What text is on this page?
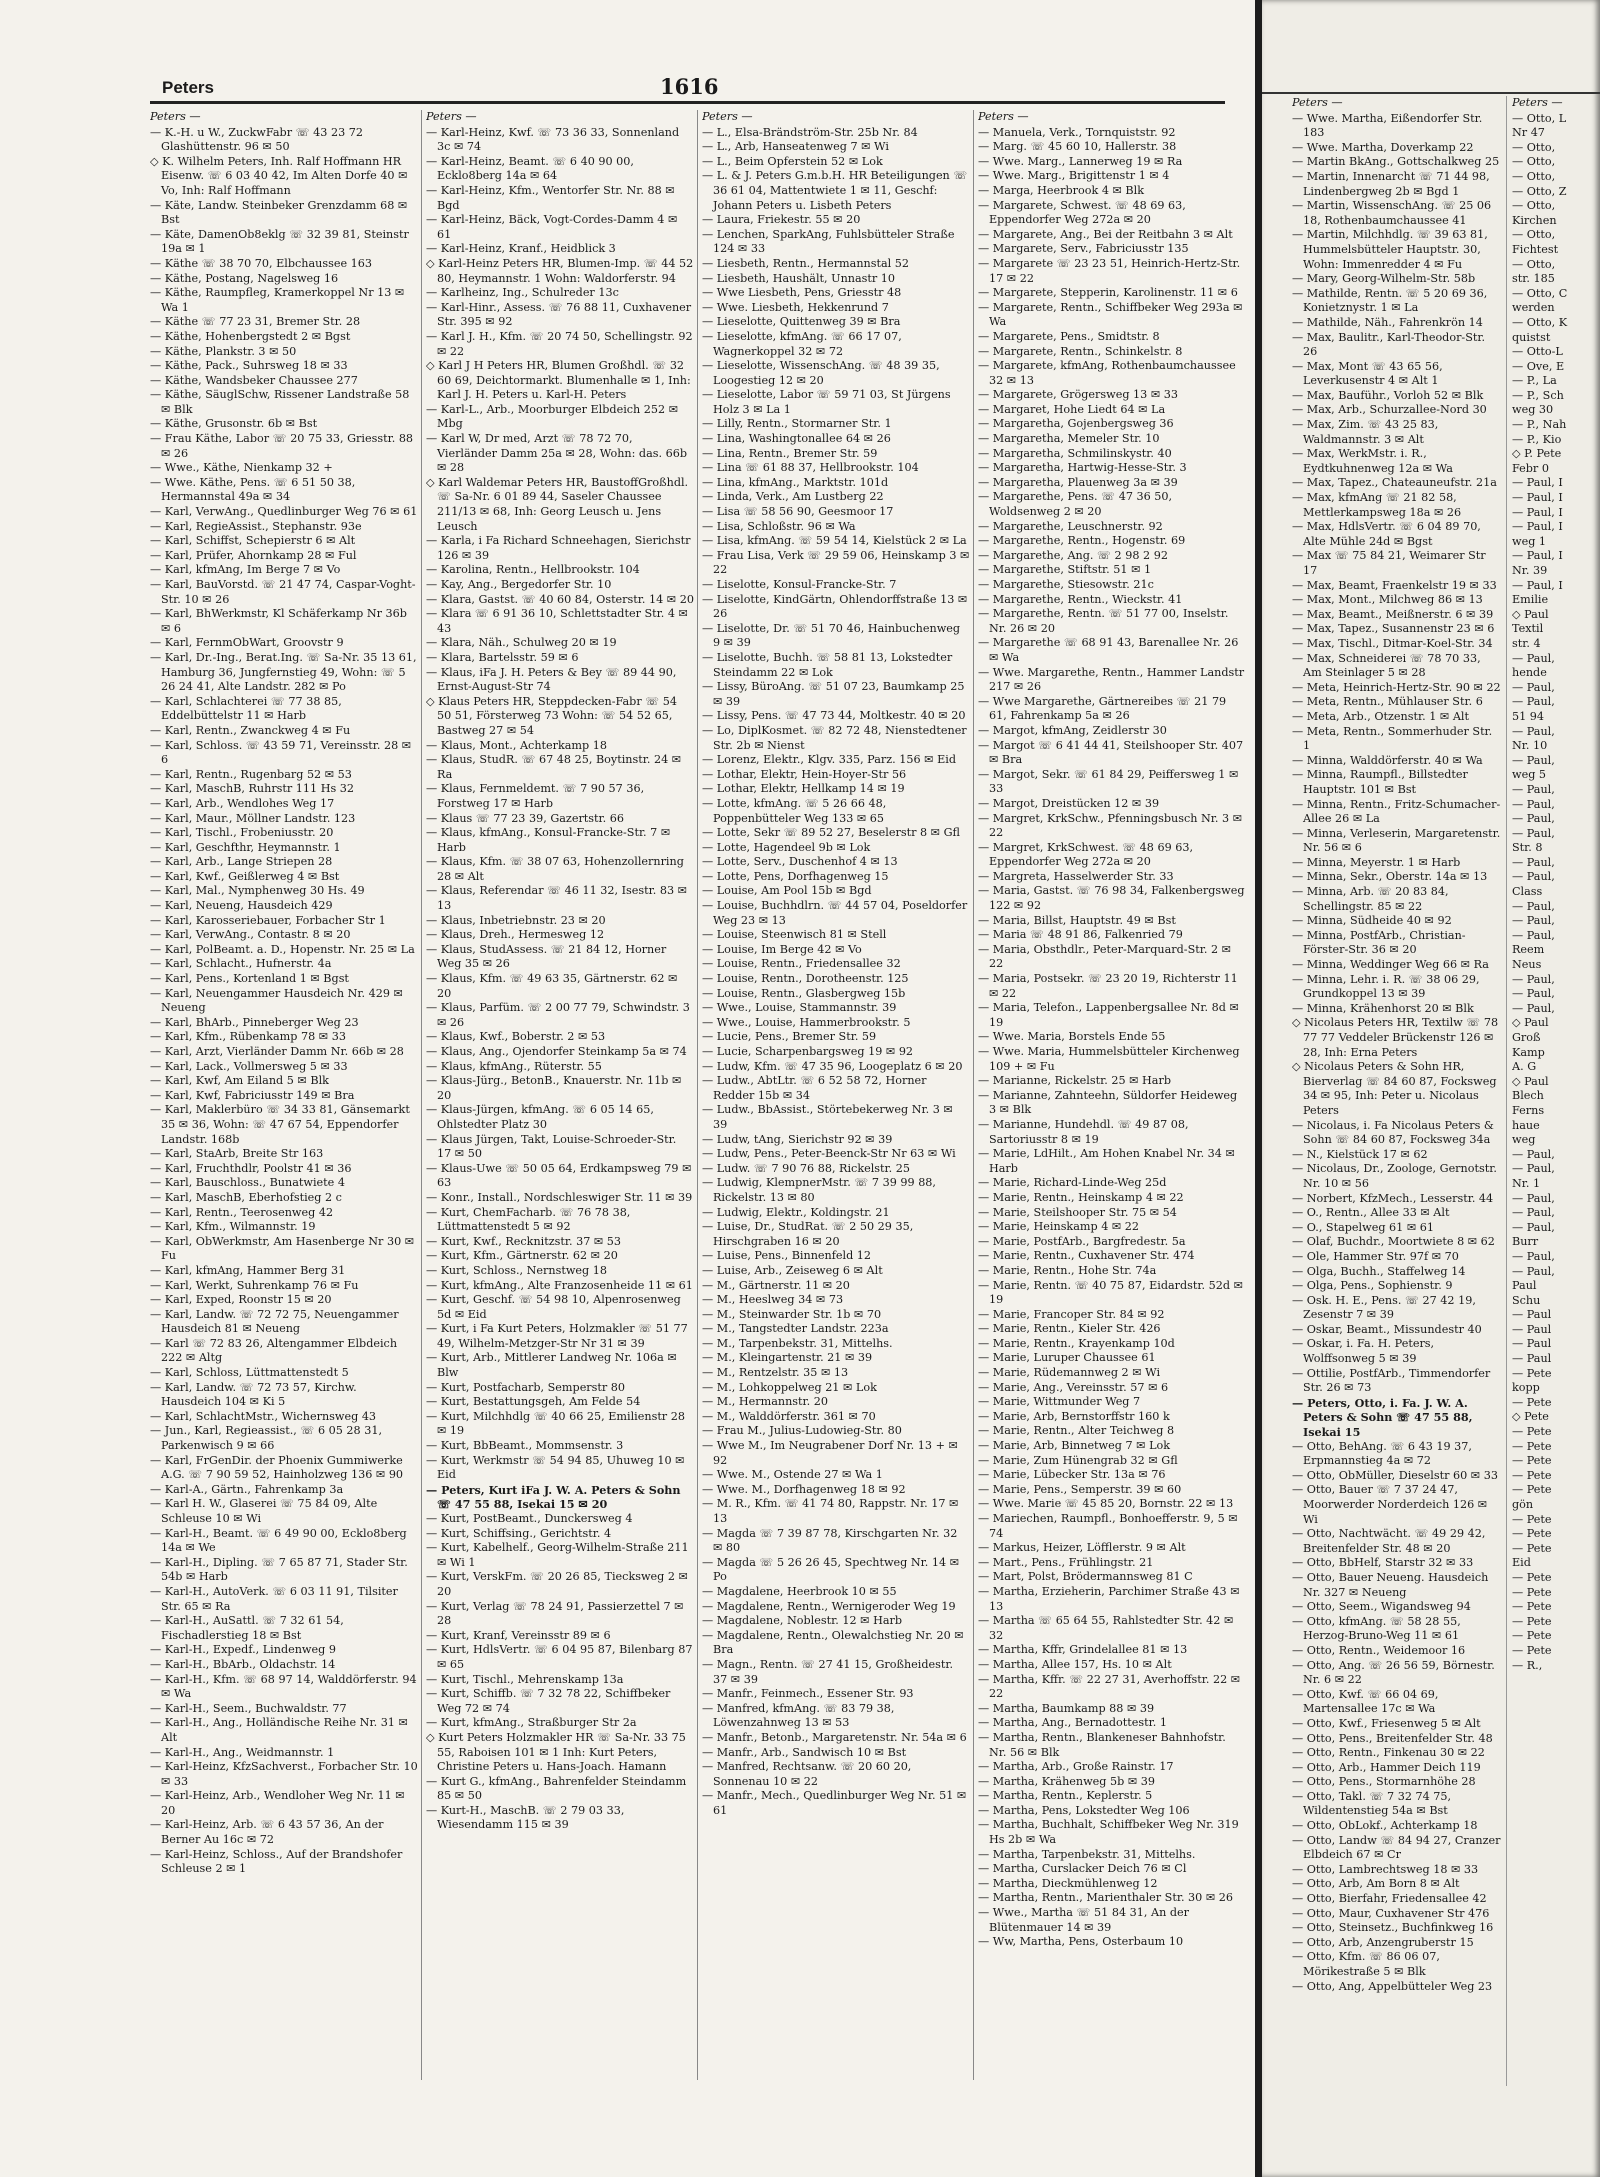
Peters	1616
Peters —
— K.-H. u W., ZuckwFabr ☏ 43 23 72 Glashüttenstr. 96 ✉ 50
◇ K. Wilhelm Peters, Inh. Ralf Hoffmann HR Eisenw. ☏ 6 03 40 42, Im Alten Dorfe 40 ✉ Vo, Inh: Ralf Hoffmann
— Käte, Landw. Steinbeker Grenzdamm 68 ✉ Bst
— Käte, DamenOb8eklg ☏ 32 39 81, Steinstr 19a ✉ 1
— Käthe ☏ 38 70 70, Elbchaussee 163
— Käthe, Postang, Nagelsweg 16
— Käthe, Raumpfleg, Kramerkoppel Nr 13 ✉ Wa 1
— Käthe ☏ 77 23 31, Bremer Str. 28
— Käthe, Hohenbergstedt 2 ✉ Bgst
— Käthe, Plankstr. 3 ✉ 50
— Käthe, Pack., Suhrsweg 18 ✉ 33
— Käthe, Wandsbeker Chaussee 277
— Käthe, SäuglSchw, Rissener Landstraße 58 ✉ Blk
— Käthe, Grusonstr. 6b ✉ Bst
— Frau Käthe, Labor ☏ 20 75 33, Griesstr. 88 ✉ 26
— Wwe., Käthe, Nienkamp 32 +
— Wwe. Käthe, Pens. ☏ 6 51 50 38, Hermannstal 49a ✉ 34
— Karl, VerwAng., Quedlinburger Weg 76 ✉ 61
— Karl, RegieAssist., Stephanstr. 93e
— Karl, Schiffst, Schepierstr 6 ✉ Alt
— Karl, Prüfer, Ahornkamp 28 ✉ Ful
— Karl, kfmAng, Im Berge 7 ✉ Vo
— Karl, BauVorstd. ☏ 21 47 74, Caspar-Voght-Str. 10 ✉ 26
— Karl, BhWerkmstr, Kl Schäferkamp Nr 36b ✉ 6
— Karl, FernmObWart, Groovstr 9
— Karl, Dr.-Ing., Berat.Ing. ☏ Sa-Nr. 35 13 61, Hamburg 36, Jungfernstieg 49, Wohn: ☏ 5 26 24 41, Alte Landstr. 282 ✉ Po
— Karl, Schlachterei ☏ 77 38 85, Eddelbüttelstr 11 ✉ Harb
— Karl, Rentn., Zwanckweg 4 ✉ Fu
— Karl, Schloss. ☏ 43 59 71, Vereinsstr. 28 ✉ 6
— Karl, Rentn., Rugenbarg 52 ✉ 53
— Karl, MaschB, Ruhrstr 111 Hs 32
— Karl, Arb., Wendlohes Weg 17
— Karl, Maur., Möllner Landstr. 123
— Karl, Tischl., Frobeniusstr. 20
— Karl, Geschfthr, Heymannstr. 1
— Karl, Arb., Lange Striepen 28
— Karl, Kwf., Geißlerweg 4 ✉ Bst
— Karl, Mal., Nymphenweg 30 Hs. 49
— Karl, Neueng, Hausdeich 429
— Karl, Karosseriebauer, Forbacher Str 1
— Karl, VerwAng., Contastr. 8 ✉ 20
— Karl, PolBeamt. a. D., Hopenstr. Nr. 25 ✉ La
— Karl, Schlacht., Hufnerstr. 4a
— Karl, Pens., Kortenland 1 ✉ Bgst
— Karl, Neuengammer Hausdeich Nr. 429 ✉ Neueng
— Karl, BhArb., Pinneberger Weg 23
— Karl, Kfm., Rübenkamp 78 ✉ 33
— Karl, Arzt, Vierländer Damm Nr. 66b ✉ 28
— Karl, Lack., Vollmersweg 5 ✉ 33
— Karl, Kwf, Am Eiland 5 ✉ Blk
— Karl, Kwf, Fabriciusstr 149 ✉ Bra
— Karl, Maklerbüro ☏ 34 33 81, Gänsemarkt 35 ✉ 36, Wohn: ☏ 47 67 54, Eppendorfer Landstr. 168b
— Karl, StaArb, Breite Str 163
— Karl, Fruchthdlr, Poolstr 41 ✉ 36
— Karl, Bauschloss., Bunatwiete 4
— Karl, MaschB, Eberhofstieg 2 c
— Karl, Rentn., Teerosenweg 42
— Karl, Kfm., Wilmannstr. 19
— Karl, ObWerkmstr, Am Hasenberge Nr 30 ✉ Fu
— Karl, kfmAng, Hammer Berg 31
— Karl, Werkt, Suhrenkamp 76 ✉ Fu
— Karl, Exped, Roonstr 15 ✉ 20
— Karl, Landw. ☏ 72 72 75, Neuengammer Hausdeich 81 ✉ Neueng
— Karl ☏ 72 83 26, Altengammer Elbdeich 222 ✉ Altg
— Karl, Schloss, Lüttmattenstedt 5
— Karl, Landw. ☏ 72 73 57, Kirchw. Hausdeich 104 ✉ Ki 5
— Karl, SchlachtMstr., Wichernsweg 43
— Jun., Karl, Regieassist., ☏ 6 05 28 31, Parkenwisch 9 ✉ 66
— Karl, FrGenDir. der Phoenix Gummiwerke A.G. ☏ 7 90 59 52, Hainholzweg 136 ✉ 90
— Karl-A., Gärtn., Fahrenkamp 3a
— Karl H. W., Glaserei ☏ 75 84 09, Alte Schleuse 10 ✉ Wi
— Karl-H., Beamt. ☏ 6 49 90 00, Ecklo8berg 14a ✉ We
— Karl-H., Dipling. ☏ 7 65 87 71, Stader Str. 54b ✉ Harb
— Karl-H., AutoVerk. ☏ 6 03 11 91, Tilsiter Str. 65 ✉ Ra
— Karl-H., AuSattl. ☏ 7 32 61 54, Fischadlerstieg 18 ✉ Bst
— Karl-H., Expedf., Lindenweg 9
— Karl-H., BbArb., Oldachstr. 14
— Karl-H., Kfm. ☏ 68 97 14, Walddörferstr. 94 ✉ Wa
— Karl-H., Seem., Buchwaldstr. 77
— Karl-H., Ang., Holländische Reihe Nr. 31 ✉ Alt
— Karl-H., Ang., Weidmannstr. 1
— Karl-Heinz, KfzSachverst., Forbacher Str. 10 ✉ 33
— Karl-Heinz, Arb., Wendloher Weg Nr. 11 ✉ 20
— Karl-Heinz, Arb. ☏ 6 43 57 36, An der Berner Au 16c ✉ 72
— Karl-Heinz, Schloss., Auf der Brandshofer Schleuse 2 ✉ 1
Peters —
— Karl-Heinz, Kwf. ☏ 73 36 33, Sonnenland 3c ✉ 74
— Karl-Heinz, Beamt. ☏ 6 40 90 00, Ecklo8berg 14a ✉ 64
— Karl-Heinz, Kfm., Wentorfer Str. Nr. 88 ✉ Bgd
— Karl-Heinz, Bäck, Vogt-Cordes-Damm 4 ✉ 61
— Karl-Heinz, Kranf., Heidblick 3
◇ Karl-Heinz Peters HR, Blumen-Imp. ☏ 44 52 80, Heymannstr. 1 Wohn: Waldorferstr. 94
— Karlheinz, Ing., Schulreder 13c
— Karl-Hinr., Assess. ☏ 76 88 11, Cuxhavener Str. 395 ✉ 92
— Karl J. H., Kfm. ☏ 20 74 50, Schellingstr. 92 ✉ 22
◇ Karl J H Peters HR, Blumen Großhdl. ☏ 32 60 69, Deichtormarkt. Blumenhalle ✉ 1, Inh: Karl J. H. Peters u. Karl-H. Peters
— Karl-L., Arb., Moorburger Elbdeich 252 ✉ Mbg
— Karl W, Dr med, Arzt ☏ 78 72 70, Vierländer Damm 25a ✉ 28, Wohn: das. 66b ✉ 28
◇ Karl Waldemar Peters HR, BaustoffGroßhdl. ☏ Sa-Nr. 6 01 89 44, Saseler Chaussee 211/13 ✉ 68, Inh: Georg Leusch u. Jens Leusch
— Karla, i Fa Richard Schneehagen, Sierichstr 126 ✉ 39
— Karolina, Rentn., Hellbrookstr. 104
— Kay, Ang., Bergedorfer Str. 10
— Klara, Gastst. ☏ 40 60 84, Osterstr. 14 ✉ 20
— Klara ☏ 6 91 36 10, Schlettstadter Str. 4 ✉ 43
— Klara, Näh., Schulweg 20 ✉ 19
— Klara, Bartelsstr. 59 ✉ 6
— Klaus, iFa J. H. Peters & Bey ☏ 89 44 90, Ernst-August-Str 74
◇ Klaus Peters HR, Steppdecken-Fabr ☏ 54 50 51, Försterweg 73 Wohn: ☏ 54 52 65, Bastweg 27 ✉ 54
— Klaus, Mont., Achterkamp 18
— Klaus, StudR. ☏ 67 48 25, Boytinstr. 24 ✉ Ra
— Klaus, Fernmeldemt. ☏ 7 90 57 36, Forstweg 17 ✉ Harb
— Klaus ☏ 77 23 39, Gazertstr. 66
— Klaus, kfmAng., Konsul-Francke-Str. 7 ✉ Harb
— Klaus, Kfm. ☏ 38 07 63, Hohenzollernring 28 ✉ Alt
— Klaus, Referendar ☏ 46 11 32, Isestr. 83 ✉ 13
— Klaus, Inbetriebnstr. 23 ✉ 20
— Klaus, Dreh., Hermesweg 12
— Klaus, StudAssess. ☏ 21 84 12, Horner Weg 35 ✉ 26
— Klaus, Kfm. ☏ 49 63 35, Gärtnerstr. 62 ✉ 20
— Klaus, Parfüm. ☏ 2 00 77 79, Schwindstr. 3 ✉ 26
— Klaus, Kwf., Boberstr. 2 ✉ 53
— Klaus, Ang., Ojendorfer Steinkamp 5a ✉ 74
— Klaus, kfmAng., Rüterstr. 55
— Klaus-Jürg., BetonB., Knauerstr. Nr. 11b ✉ 20
— Klaus-Jürgen, kfmAng. ☏ 6 05 14 65, Ohlstedter Platz 30
— Klaus Jürgen, Takt, Louise-Schroeder-Str. 17 ✉ 50
— Klaus-Uwe ☏ 50 05 64, Erdkampsweg 79 ✉ 63
— Konr., Install., Nordschleswiger Str. 11 ✉ 39
— Kurt, ChemFacharb. ☏ 76 78 38, Lüttmattenstedt 5 ✉ 92
— Kurt, Kwf., Recknitzstr. 37 ✉ 53
— Kurt, Kfm., Gärtnerstr. 62 ✉ 20
— Kurt, Schloss., Nernstweg 18
— Kurt, kfmAng., Alte Franzosenheide 11 ✉ 61
— Kurt, Geschf. ☏ 54 98 10, Alpenrosenweg 5d ✉ Eid
— Kurt, i Fa Kurt Peters, Holzmakler ☏ 51 77 49, Wilhelm-Metzger-Str Nr 31 ✉ 39
— Kurt, Arb., Mittlerer Landweg Nr. 106a ✉ Blw
— Kurt, Postfacharb, Semperstr 80
— Kurt, Bestattungsgeh, Am Felde 54
— Kurt, Milchhdlg ☏ 40 66 25, Emilienstr 28 ✉ 19
— Kurt, BbBeamt., Mommsenstr. 3
— Kurt, Werkmstr ☏ 54 94 85, Uhuweg 10 ✉ Eid
— Peters, Kurt iFa J. W. A. Peters & Sohn ☏ 47 55 88, Isekai 15 ✉ 20
— Kurt, PostBeamt., Dunckersweg 4
— Kurt, Schiffsing., Gerichtstr. 4
— Kurt, Kabelhelf., Georg-Wilhelm-Straße 211 ✉ Wi 1
— Kurt, VerskFm. ☏ 20 26 85, Tiecksweg 2 ✉ 20
— Kurt, Verlag ☏ 78 24 91, Passierzettel 7 ✉ 28
— Kurt, Kranf, Vereinsstr 89 ✉ 6
— Kurt, HdlsVertr. ☏ 6 04 95 87, Bilenbarg 87 ✉ 65
— Kurt, Tischl., Mehrenskamp 13a
— Kurt, Schiffb. ☏ 7 32 78 22, Schiffbeker Weg 72 ✉ 74
— Kurt, kfmAng., Straßburger Str 2a
◇ Kurt Peters Holzmakler HR ☏ Sa-Nr. 33 75 55, Raboisen 101 ✉ 1 Inh: Kurt Peters, Christine Peters u. Hans-Joach. Hamann
— Kurt G., kfmAng., Bahrenfelder Steindamm 85 ✉ 50
— Kurt-H., MaschB. ☏ 2 79 03 33, Wiesendamm 115 ✉ 39
Peters —
— L., Elsa-Brändström-Str. 25b Nr. 84
— L., Arb, Hanseatenweg 7 ✉ Wi
— L., Beim Opferstein 52 ✉ Lok
— L. & J. Peters G.m.b.H. HR Beteiligungen ☏ 36 61 04, Mattentwiete 1 ✉ 11, Geschf: Johann Peters u. Lisbeth Peters
— Laura, Friekestr. 55 ✉ 20
— Lenchen, SparkAng, Fuhlsbütteler Straße 124 ✉ 33
— Liesbeth, Rentn., Hermannstal 52
— Liesbeth, Haushält, Unnastr 10
— Wwe Liesbeth, Pens, Griesstr 48
— Wwe. Liesbeth, Hekkenrund 7
— Lieselotte, Quittenweg 39 ✉ Bra
— Lieselotte, kfmAng. ☏ 66 17 07, Wagnerkoppel 32 ✉ 72
— Lieselotte, WissenschAng. ☏ 48 39 35, Loogestieg 12 ✉ 20
— Lieselotte, Labor ☏ 59 71 03, St Jürgens Holz 3 ✉ La 1
— Lilly, Rentn., Stormarner Str. 1
— Lina, Washingtonallee 64 ✉ 26
— Lina, Rentn., Bremer Str. 59
— Lina ☏ 61 88 37, Hellbrookstr. 104
— Lina, kfmAng., Marktstr. 101d
— Linda, Verk., Am Lustberg 22
— Lisa ☏ 58 56 90, Geesmoor 17
— Lisa, Schloßstr. 96 ✉ Wa
— Lisa, kfmAng. ☏ 59 54 14, Kielstück 2 ✉ La
— Frau Lisa, Verk ☏ 29 59 06, Heinskamp 3 ✉ 22
— Liselotte, Konsul-Francke-Str. 7
— Liselotte, KindGärtn, Ohlendorffstraße 13 ✉ 26
— Liselotte, Dr. ☏ 51 70 46, Hainbuchenweg 9 ✉ 39
— Liselotte, Buchh. ☏ 58 81 13, Lokstedter Steindamm 22 ✉ Lok
— Lissy, BüroAng. ☏ 51 07 23, Baumkamp 25 ✉ 39
— Lissy, Pens. ☏ 47 73 44, Moltkestr. 40 ✉ 20
— Lo, DiplKosmet. ☏ 82 72 48, Nienstedtener Str. 2b ✉ Nienst
— Lorenz, Elektr., Klgv. 335, Parz. 156 ✉ Eid
— Lothar, Elektr, Hein-Hoyer-Str 56
— Lothar, Elektr, Hellkamp 14 ✉ 19
— Lotte, kfmAng. ☏ 5 26 66 48, Poppenbütteler Weg 133 ✉ 65
— Lotte, Sekr ☏ 89 52 27, Beselerstr 8 ✉ Gfl
— Lotte, Hagendeel 9b ✉ Lok
— Lotte, Serv., Duschenhof 4 ✉ 13
— Lotte, Pens, Dorfhagenweg 15
— Louise, Am Pool 15b ✉ Bgd
— Louise, Buchhdlrn. ☏ 44 57 04, Poseldorfer Weg 23 ✉ 13
— Louise, Steenwisch 81 ✉ Stell
— Louise, Im Berge 42 ✉ Vo
— Louise, Rentn., Friedensallee 32
— Louise, Rentn., Dorotheenstr. 125
— Louise, Rentn., Glasbergweg 15b
— Wwe., Louise, Stammannstr. 39
— Wwe., Louise, Hammerbrookstr. 5
— Lucie, Pens., Bremer Str. 59
— Lucie, Scharpenbargsweg 19 ✉ 92
— Ludw, Kfm. ☏ 47 35 96, Loogeplatz 6 ✉ 20
— Ludw., AbtLtr. ☏ 6 52 58 72, Horner Redder 15b ✉ 34
— Ludw., BbAssist., Störtebekerweg Nr. 3 ✉ 39
— Ludw, tAng, Sierichstr 92 ✉ 39
— Ludw, Pens., Peter-Beenck-Str Nr 63 ✉ Wi
— Ludw. ☏ 7 90 76 88, Rickelstr. 25
— Ludwig, KlempnerMstr. ☏ 7 39 99 88, Rickelstr. 13 ✉ 80
— Ludwig, Elektr., Koldingstr. 21
— Luise, Dr., StudRat. ☏ 2 50 29 35, Hirschgraben 16 ✉ 20
— Luise, Pens., Binnenfeld 12
— Luise, Arb., Zeiseweg 6 ✉ Alt
— M., Gärtnerstr. 11 ✉ 20
— M., Heeslweg 34 ✉ 73
— M., Steinwarder Str. 1b ✉ 70
— M., Tangstedter Landstr. 223a
— M., Tarpenbekstr. 31, Mittelhs.
— M., Kleingartenstr. 21 ✉ 39
— M., Rentzelstr. 35 ✉ 13
— M., Lohkoppelweg 21 ✉ Lok
— M., Hermannstr. 20
— M., Walddörferstr. 361 ✉ 70
— Frau M., Julius-Ludowieg-Str. 80
— Wwe M., Im Neugrabener Dorf Nr. 13 + ✉ 92
— Wwe. M., Ostende 27 ✉ Wa 1
— Wwe. M., Dorfhagenweg 18 ✉ 92
— M. R., Kfm. ☏ 41 74 80, Rappstr. Nr. 17 ✉ 13
— Magda ☏ 7 39 87 78, Kirschgarten Nr. 32 ✉ 80
— Magda ☏ 5 26 26 45, Spechtweg Nr. 14 ✉ Po
— Magdalene, Heerbrook 10 ✉ 55
— Magdalene, Rentn., Wernigeroder Weg 19
— Magdalene, Noblestr. 12 ✉ Harb
— Magdalene, Rentn., Olewalchstieg Nr. 20 ✉ Bra
— Magn., Rentn. ☏ 27 41 15, Großheidestr. 37 ✉ 39
— Manfr., Feinmech., Essener Str. 93
— Manfred, kfmAng. ☏ 83 79 38, Löwenzahnweg 13 ✉ 53
— Manfr., Betonb., Margaretenstr. Nr. 54a ✉ 6
— Manfr., Arb., Sandwisch 10 ✉ Bst
— Manfred, Rechtsanw. ☏ 20 60 20, Sonnenau 10 ✉ 22
— Manfr., Mech., Quedlinburger Weg Nr. 51 ✉ 61
Peters —
— Manuela, Verk., Tornquiststr. 92
— Marg. ☏ 45 60 10, Hallerstr. 38
— Wwe. Marg., Lannerweg 19 ✉ Ra
— Wwe. Marg., Brigittenstr 1 ✉ 4
— Marga, Heerbrook 4 ✉ Blk
— Margarete, Schwest. ☏ 48 69 63, Eppendorfer Weg 272a ✉ 20
— Margarete, Ang., Bei der Reitbahn 3 ✉ Alt
— Margarete, Serv., Fabriciusstr 135
— Margarete ☏ 23 23 51, Heinrich-Hertz-Str. 17 ✉ 22
— Margarete, Stepperin, Karolinenstr. 11 ✉ 6
— Margarete, Rentn., Schiffbeker Weg 293a ✉ Wa
— Margarete, Pens., Smidtstr. 8
— Margarete, Rentn., Schinkelstr. 8
— Margarete, kfmAng, Rothenbaumchaussee 32 ✉ 13
— Margarete, Grögersweg 13 ✉ 33
— Margaret, Hohe Liedt 64 ✉ La
— Margaretha, Gojenbergsweg 36
— Margaretha, Memeler Str. 10
— Margaretha, Schmilinskystr. 40
— Margaretha, Hartwig-Hesse-Str. 3
— Margaretha, Plauenweg 3a ✉ 39
— Margarethe, Pens. ☏ 47 36 50, Woldsenweg 2 ✉ 20
— Margarethe, Leuschnerstr. 92
— Margarethe, Rentn., Hogenstr. 69
— Margarethe, Ang. ☏ 2 98 2 92
— Margarethe, Stiftstr. 51 ✉ 1
— Margarethe, Stiesowstr. 21c
— Margarethe, Rentn., Wieckstr. 41
— Margarethe, Rentn. ☏ 51 77 00, Inselstr. Nr. 26 ✉ 20
— Margarethe ☏ 68 91 43, Barenallee Nr. 26 ✉ Wa
— Wwe. Margarethe, Rentn., Hammer Landstr 217 ✉ 26
— Wwe Margarethe, Gärtnereibes ☏ 21 79 61, Fahrenkamp 5a ✉ 26
— Margot, kfmAng, Zeidlerstr 30
— Margot ☏ 6 41 44 41, Steilshooper Str. 407 ✉ Bra
— Margot, Sekr. ☏ 61 84 29, Peiffersweg 1 ✉ 33
— Margot, Dreistücken 12 ✉ 39
— Margret, KrkSchw., Pfenningsbusch Nr. 3 ✉ 22
— Margret, KrkSchwest. ☏ 48 69 63, Eppendorfer Weg 272a ✉ 20
— Margreta, Hasselwerder Str. 33
— Maria, Gastst. ☏ 76 98 34, Falkenbergsweg 122 ✉ 92
— Maria, Billst, Hauptstr. 49 ✉ Bst
— Maria ☏ 48 91 86, Falkenried 79
— Maria, Obsthdlr., Peter-Marquard-Str. 2 ✉ 22
— Maria, Postsekr. ☏ 23 20 19, Richterstr 11 ✉ 22
— Maria, Telefon., Lappenbergsallee Nr. 8d ✉ 19
— Wwe. Maria, Borstels Ende 55
— Wwe. Maria, Hummelsbütteler Kirchenweg 109 + ✉ Fu
— Marianne, Rickelstr. 25 ✉ Harb
— Marianne, Zahnteehn, Süldorfer Heideweg 3 ✉ Blk
— Marianne, Hundehdl. ☏ 49 87 08, Sartoriusstr 8 ✉ 19
— Marie, LdHilt., Am Hohen Knabel Nr. 34 ✉ Harb
— Marie, Richard-Linde-Weg 25d
— Marie, Rentn., Heinskamp 4 ✉ 22
— Marie, Steilshooper Str. 75 ✉ 54
— Marie, Heinskamp 4 ✉ 22
— Marie, PostfArb., Bargfredestr. 5a
— Marie, Rentn., Cuxhavener Str. 474
— Marie, Rentn., Hohe Str. 74a
— Marie, Rentn. ☏ 40 75 87, Eidardstr. 52d ✉ 19
— Marie, Francoper Str. 84 ✉ 92
— Marie, Rentn., Kieler Str. 426
— Marie, Rentn., Krayenkamp 10d
— Marie, Luruper Chaussee 61
— Marie, Rüdemannweg 2 ✉ Wi
— Marie, Ang., Vereinsstr. 57 ✉ 6
— Marie, Wittmunder Weg 7
— Marie, Arb, Bernstorffstr 160 k
— Marie, Rentn., Alter Teichweg 8
— Marie, Arb, Binnetweg 7 ✉ Lok
— Marie, Zum Hünengrab 32 ✉ Gfl
— Marie, Lübecker Str. 13a ✉ 76
— Marie, Pens., Semperstr. 39 ✉ 60
— Wwe. Marie ☏ 45 85 20, Bornstr. 22 ✉ 13
— Mariechen, Raumpfl., Bonhoefferstr. 9, 5 ✉ 74
— Markus, Heizer, Löfflerstr. 9 ✉ Alt
— Mart., Pens., Frühlingstr. 21
— Mart, Polst, Brödermannsweg 81 C
— Martha, Erzieherin, Parchimer Straße 43 ✉ 13
— Martha ☏ 65 64 55, Rahlstedter Str. 42 ✉ 32
— Martha, Kffr, Grindelallee 81 ✉ 13
— Martha, Allee 157, Hs. 10 ✉ Alt
— Martha, Kffr. ☏ 22 27 31, Averhoffstr. 22 ✉ 22
— Martha, Baumkamp 88 ✉ 39
— Martha, Ang., Bernadottestr. 1
— Martha, Rentn., Blankeneser Bahnhofstr. Nr. 56 ✉ Blk
— Martha, Arb., Große Rainstr. 17
— Martha, Krähenweg 5b ✉ 39
— Martha, Rentn., Keplerstr. 5
— Martha, Pens, Lokstedter Weg 106
— Martha, Buchhalt, Schiffbeker Weg Nr. 319 Hs 2b ✉ Wa
— Martha, Tarpenbekstr. 31, Mittelhs.
— Martha, Curslacker Deich 76 ✉ Cl
— Martha, Dieckmühlenweg 12
— Martha, Rentn., Marienthaler Str. 30 ✉ 26
— Wwe., Martha ☏ 51 84 31, An der Blütenmauer 14 ✉ 39
— Ww, Martha, Pens, Osterbaum 10
Peters —
— Wwe. Martha, Eißendorfer Str. 183
— Wwe. Martha, Doverkamp 22
— Martin BkAng., Gottschalkweg 25
— Martin, Innenarcht ☏ 71 44 98, Lindenbergweg 2b ✉ Bgd 1
— Martin, WissenschAng. ☏ 25 06 18, Rothenbaumchaussee 41
— Martin, Milchhdlg. ☏ 39 63 81, Hummelsbütteler Hauptstr. 30, Wohn: Immenredder 4 ✉ Fu
— Mary, Georg-Wilhelm-Str. 58b
— Mathilde, Rentn. ☏ 5 20 69 36, Konietznystr. 1 ✉ La
— Mathilde, Näh., Fahrenkrön 14
— Max, Baulitr., Karl-Theodor-Str. 26
— Max, Mont ☏ 43 65 56, Leverkusenstr 4 ✉ Alt 1
— Max, Bauführ., Vorloh 52 ✉ Blk
— Max, Arb., Schurzallee-Nord 30
— Max, Zim. ☏ 43 25 83, Waldmannstr. 3 ✉ Alt
— Max, WerkMstr. i. R., Eydtkuhnenweg 12a ✉ Wa
— Max, Tapez., Chateauneufstr. 21a
— Max, kfmAng ☏ 21 82 58, Mettlerkampsweg 18a ✉ 26
— Max, HdlsVertr. ☏ 6 04 89 70, Alte Mühle 24d ✉ Bgst
— Max ☏ 75 84 21, Weimarer Str 17
— Max, Beamt, Fraenkelstr 19 ✉ 33
— Max, Mont., Milchweg 86 ✉ 13
— Max, Beamt., Meißnerstr. 6 ✉ 39
— Max, Tapez., Susannenstr 23 ✉ 6
— Max, Tischl., Ditmar-Koel-Str. 34
— Max, Schneiderei ☏ 78 70 33, Am Steinlager 5 ✉ 28
— Meta, Heinrich-Hertz-Str. 90 ✉ 22
— Meta, Rentn., Mühlauser Str. 6
— Meta, Arb., Otzenstr. 1 ✉ Alt
— Meta, Rentn., Sommerhuder Str. 1
— Minna, Walddörferstr. 40 ✉ Wa
— Minna, Raumpfl., Billstedter Hauptstr. 101 ✉ Bst
— Minna, Rentn., Fritz-Schumacher-Allee 26 ✉ La
— Minna, Verleserin, Margaretenstr. Nr. 56 ✉ 6
— Minna, Meyerstr. 1 ✉ Harb
— Minna, Sekr., Oberstr. 14a ✉ 13
— Minna, Arb. ☏ 20 83 84, Schellingstr. 85 ✉ 22
— Minna, Südheide 40 ✉ 92
— Minna, PostfArb., Christian-Förster-Str. 36 ✉ 20
— Minna, Weddinger Weg 66 ✉ Ra
— Minna, Lehr. i. R. ☏ 38 06 29, Grundkoppel 13 ✉ 39
— Minna, Krähenhorst 20 ✉ Blk
◇ Nicolaus Peters HR, Textilw ☏ 78 77 77 Veddeler Brückenstr 126 ✉ 28, Inh: Erna Peters
◇ Nicolaus Peters & Sohn HR, Bierverlag ☏ 84 60 87, Focksweg 34 ✉ 95, Inh: Peter u. Nicolaus Peters
— Nicolaus, i. Fa Nicolaus Peters & Sohn ☏ 84 60 87, Focksweg 34a
— N., Kielstück 17 ✉ 62
— Nicolaus, Dr., Zoologe, Gernotstr. Nr. 10 ✉ 56
— Norbert, KfzMech., Lesserstr. 44
— O., Rentn., Allee 33 ✉ Alt
— O., Stapelweg 61 ✉ 61
— Olaf, Buchdr., Moortwiete 8 ✉ 62
— Ole, Hammer Str. 97f ✉ 70
— Olga, Buchh., Staffelweg 14
— Olga, Pens., Sophienstr. 9
— Osk. H. E., Pens. ☏ 27 42 19, Zesenstr 7 ✉ 39
— Oskar, Beamt., Missundestr 40
— Oskar, i. Fa. H. Peters, Wolffsonweg 5 ✉ 39
— Ottilie, PostfArb., Timmendorfer Str. 26 ✉ 73
— Peters, Otto, i. Fa. J. W. A. Peters & Sohn ☏ 47 55 88, Isekai 15
— Otto, BehAng. ☏ 6 43 19 37, Erpmannstieg 4a ✉ 72
— Otto, ObMüller, Dieselstr 60 ✉ 33
— Otto, Bauer ☏ 7 37 24 47, Moorwerder Norderdeich 126 ✉ Wi
— Otto, Nachtwächt. ☏ 49 29 42, Breitenfelder Str. 48 ✉ 20
— Otto, BbHelf, Starstr 32 ✉ 33
— Otto, Bauer Neueng. Hausdeich Nr. 327 ✉ Neueng
— Otto, Seem., Wigandsweg 94
— Otto, kfmAng. ☏ 58 28 55, Herzog-Bruno-Weg 11 ✉ 61
— Otto, Rentn., Weidemoor 16
— Otto, Ang. ☏ 26 56 59, Börnestr. Nr. 6 ✉ 22
— Otto, Kwf. ☏ 66 04 69, Martensallee 17c ✉ Wa
— Otto, Kwf., Friesenweg 5 ✉ Alt
— Otto, Pens., Breitenfelder Str. 48
— Otto, Rentn., Finkenau 30 ✉ 22
— Otto, Arb., Hammer Deich 119
— Otto, Pens., Stormarnhöhe 28
— Otto, Takl. ☏ 7 32 74 75, Wildentenstieg 54a ✉ Bst
— Otto, ObLokf., Achterkamp 18
— Otto, Landw ☏ 84 94 27, Cranzer Elbdeich 67 ✉ Cr
— Otto, Lambrechtsweg 18 ✉ 33
— Otto, Arb, Am Born 8 ✉ Alt
— Otto, Bierfahr, Friedensallee 42
— Otto, Maur, Cuxhavener Str 476
— Otto, Steinsetz., Buchfinkweg 16
— Otto, Arb, Anzengruberstr 15
— Otto, Kfm. ☏ 86 06 07, Mörikestraße 5 ✉ Blk
— Otto, Ang, Appelbütteler Weg 23
Peters —
— Otto, L
Nr 47
— Otto,
— Otto,
— Otto,
— Otto, Z
— Otto,
Kirchen
— Otto,
Fichtest
— Otto,
str. 185
— Otto, C
werden
— Otto, K
quistst
— Otto-L
— Ove, E
— P., La
— P., Sch
weg 30
— P., Nah
— P., Kio
◇ P. Pete
Febr 0
— Paul, I
— Paul, I
— Paul, I
— Paul, I
weg 1
— Paul, I
Nr. 39
— Paul, I
Emilie
◇ Paul
Textil
str. 4
— Paul,
hende
— Paul,
— Paul,
51 94
— Paul,
Nr. 10
— Paul,
weg 5
— Paul,
— Paul,
— Paul,
— Paul,
Str. 8
— Paul,
— Paul,
Class
— Paul,
— Paul,
— Paul,
Reem
Neus
— Paul,
— Paul,
— Paul,
◇ Paul
Groß
Kamp
A. G
◇ Paul
Blech
Ferns
haue
weg
— Paul,
— Paul,
Nr. 1
— Paul,
— Paul,
— Paul,
Burr
— Paul,
— Paul,
Paul
Schu
— Paul
— Paul
— Paul
— Paul
— Pete
kopp
— Pete
◇ Pete
— Pete
— Pete
— Pete
— Pete
— Pete
gön
— Pete
— Pete
— Pete
Eid
— Pete
— Pete
— Pete
— Pete
— Pete
— Pete
— R.,
